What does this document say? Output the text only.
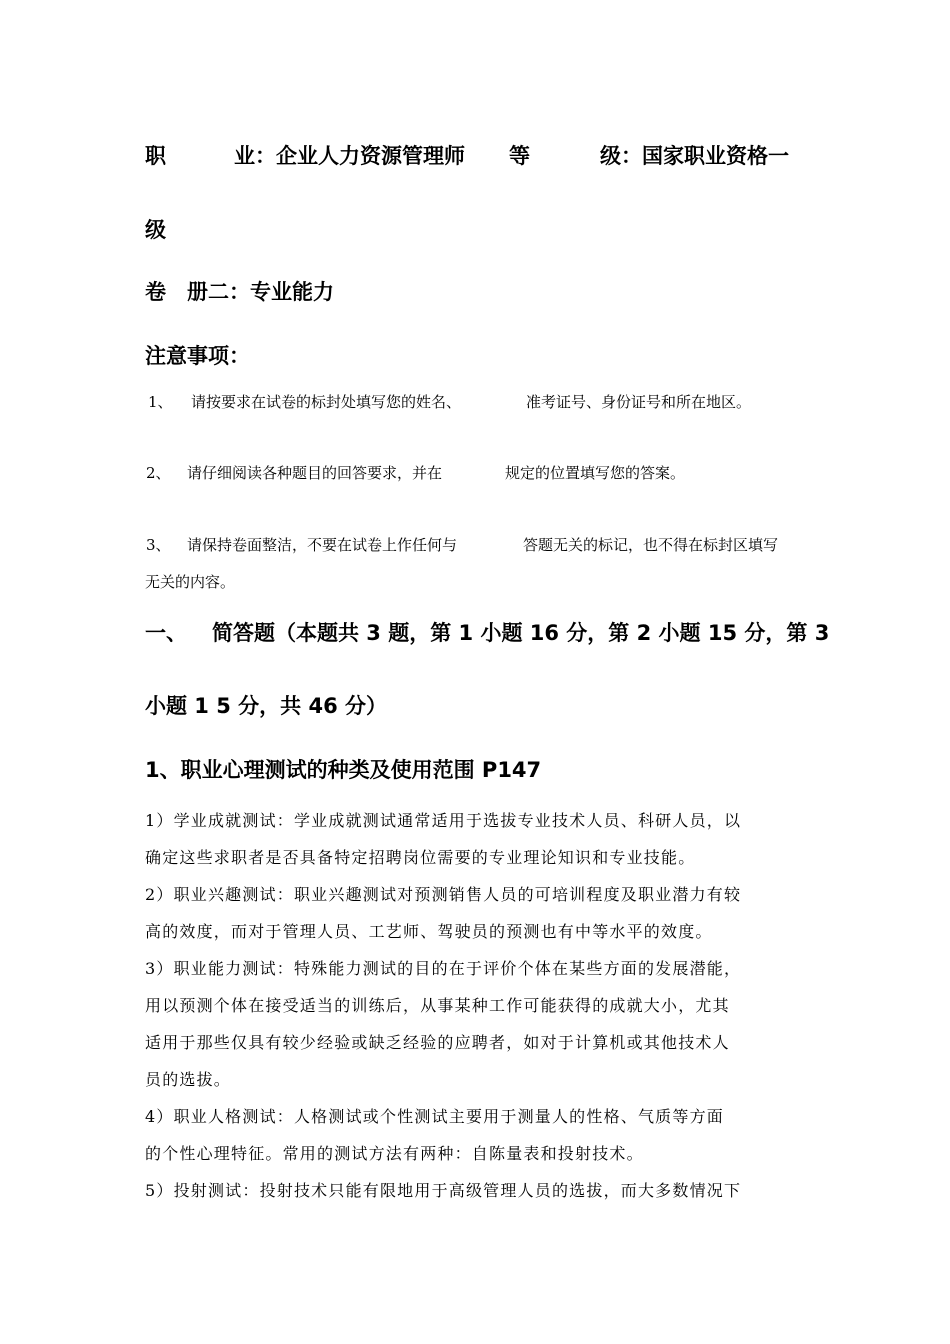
职	业：企业人力资源管理师 等	级：国家职业资格一
级
卷　册二：专业能力
注意事项：
1、 请按要求在试卷的标封处填写您的姓名、	准考证号、身份证号和所在地区。
2、 请仔细阅读各种题目的回答要求，并在	规定的位置填写您的答案。
3、 请保持卷面整洁，不要在试卷上作任何与	答题无关的标记，也不得在标封区填写
无关的内容。
一、 简答题（本题共 3 题，第 1 小题 16 分，第 2 小题 15 分，第 3
小题 1 5 分，共 46 分）
1、职业心理测试的种类及使用范围 P147
1）学业成就测试：学业成就测试通常适用于选拔专业技术人员、科研人员，以
确定这些求职者是否具备特定招聘岗位需要的专业理论知识和专业技能。
2）职业兴趣测试：职业兴趣测试对预测销售人员的可培训程度及职业潜力有较
高的效度，而对于管理人员、工艺师、驾驶员的预测也有中等水平的效度。
3）职业能力测试：特殊能力测试的目的在于评价个体在某些方面的发展潜能，
用以预测个体在接受适当的训练后，从事某种工作可能获得的成就大小，尤其
适用于那些仅具有较少经验或缺乏经验的应聘者，如对于计算机或其他技术人
员的选拔。
4）职业人格测试：人格测试或个性测试主要用于测量人的性格、气质等方面
的个性心理特征。常用的测试方法有两种：自陈量表和投射技术。
5）投射测试：投射技术只能有限地用于高级管理人员的选拔，而大多数情况下
